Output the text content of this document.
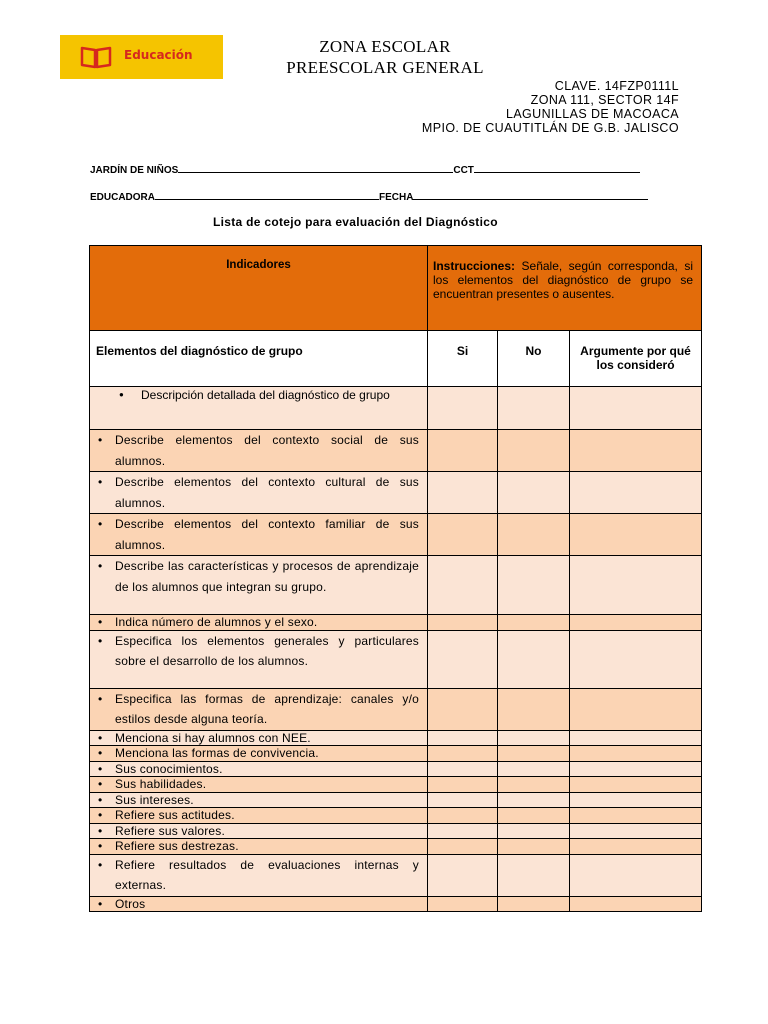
Educación	ZONA ESCOLAR
PREESCOLAR GENERAL
CLAVE. 14FZP0111L
ZONA 111, SECTOR 14F
LAGUNILLAS DE MACOACA
MPIO. DE CUAUTITLÁN DE G.B. JALISCO
JARDÍN DE NIÑOS	CCT
EDUCADORA	FECHA
Lista de cotejo para evaluación del Diagnóstico
Indicadores	Instrucciones: Señale, según corresponda, si los elementos del diagnóstico de grupo se encuentran presentes o ausentes.		
Elementos del diagnóstico de grupo	Si	No	Argumente por qué los consideró

● Descripción detallada del diagnóstico de grupo

• Describe elementos del contexto social de sus alumnos.

• Describe elementos del contexto cultural de sus alumnos.

• Describe elementos del contexto familiar de sus alumnos.

• Describe las características y procesos de aprendizaje de los alumnos que integran su grupo.

• Indica número de alumnos y el sexo.

• Especifica los elementos generales y particulares sobre el desarrollo de los alumnos.

• Especifica las formas de aprendizaje: canales y/o estilos desde alguna teoría.

• Menciona si hay alumnos con NEE.

• Menciona las formas de convivencia.

• Sus conocimientos.

• Sus habilidades.

• Sus intereses.

• Refiere sus actitudes.

• Refiere sus valores.

• Refiere sus destrezas.

• Refiere resultados de evaluaciones internas y externas.

• Otros
